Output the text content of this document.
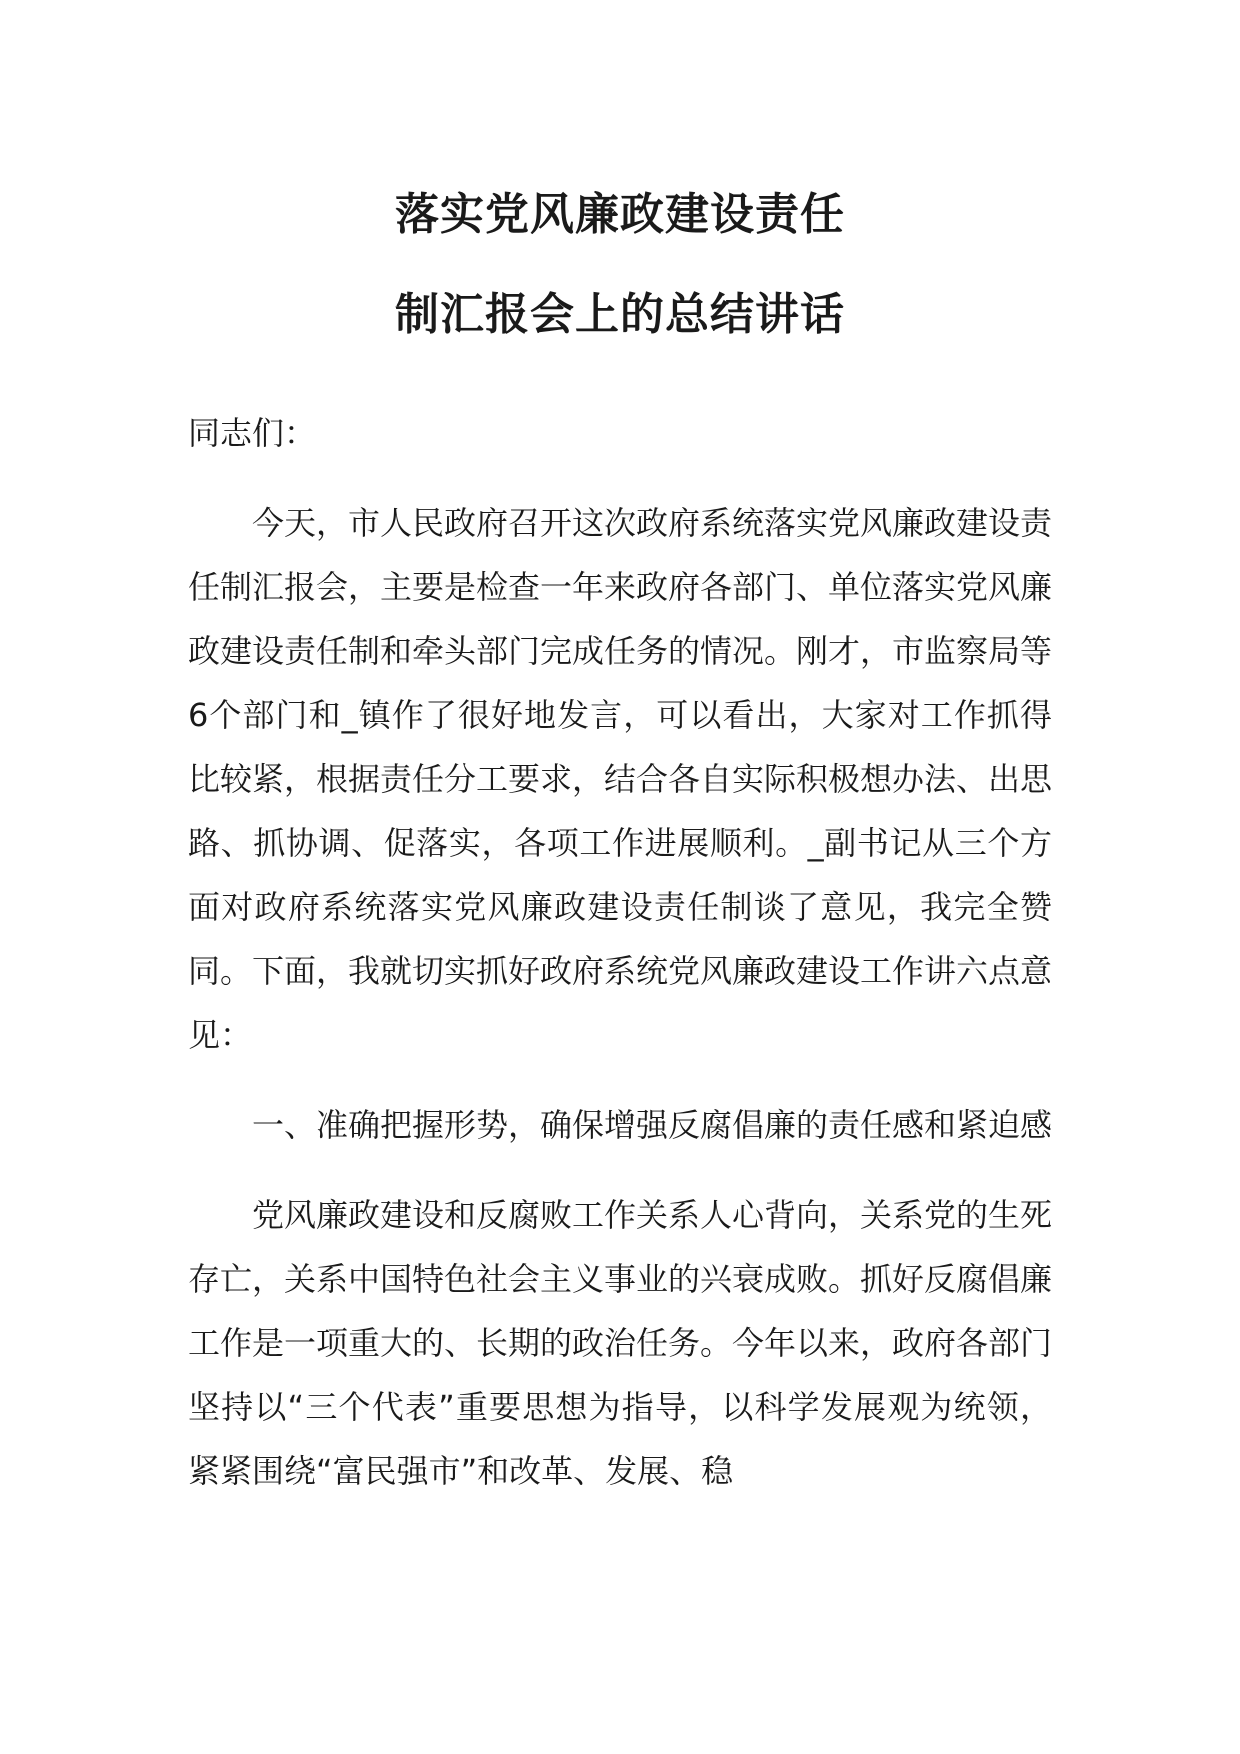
落实党风廉政建设责任
制汇报会上的总结讲话

同志们：

今天，市人民政府召开这次政府系统落实党风廉政建设责任制汇报会，主要是检查一年来政府各部门、单位落实党风廉政建设责任制和牵头部门完成任务的情况。刚才，市监察局等6个部门和_镇作了很好地发言，可以看出，大家对工作抓得比较紧，根据责任分工要求，结合各自实际积极想办法、出思路、抓协调、促落实，各项工作进展顺利。_副书记从三个方面对政府系统落实党风廉政建设责任制谈了意见，我完全赞同。下面，我就切实抓好政府系统党风廉政建设工作讲六点意见：

一、准确把握形势，确保增强反腐倡廉的责任感和紧迫感

党风廉政建设和反腐败工作关系人心背向，关系党的生死存亡，关系中国特色社会主义事业的兴衰成败。抓好反腐倡廉工作是一项重大的、长期的政治任务。今年以来，政府各部门坚持以“三个代表”重要思想为指导，以科学发展观为统领，紧紧围绕“富民强市”和改革、发展、稳
